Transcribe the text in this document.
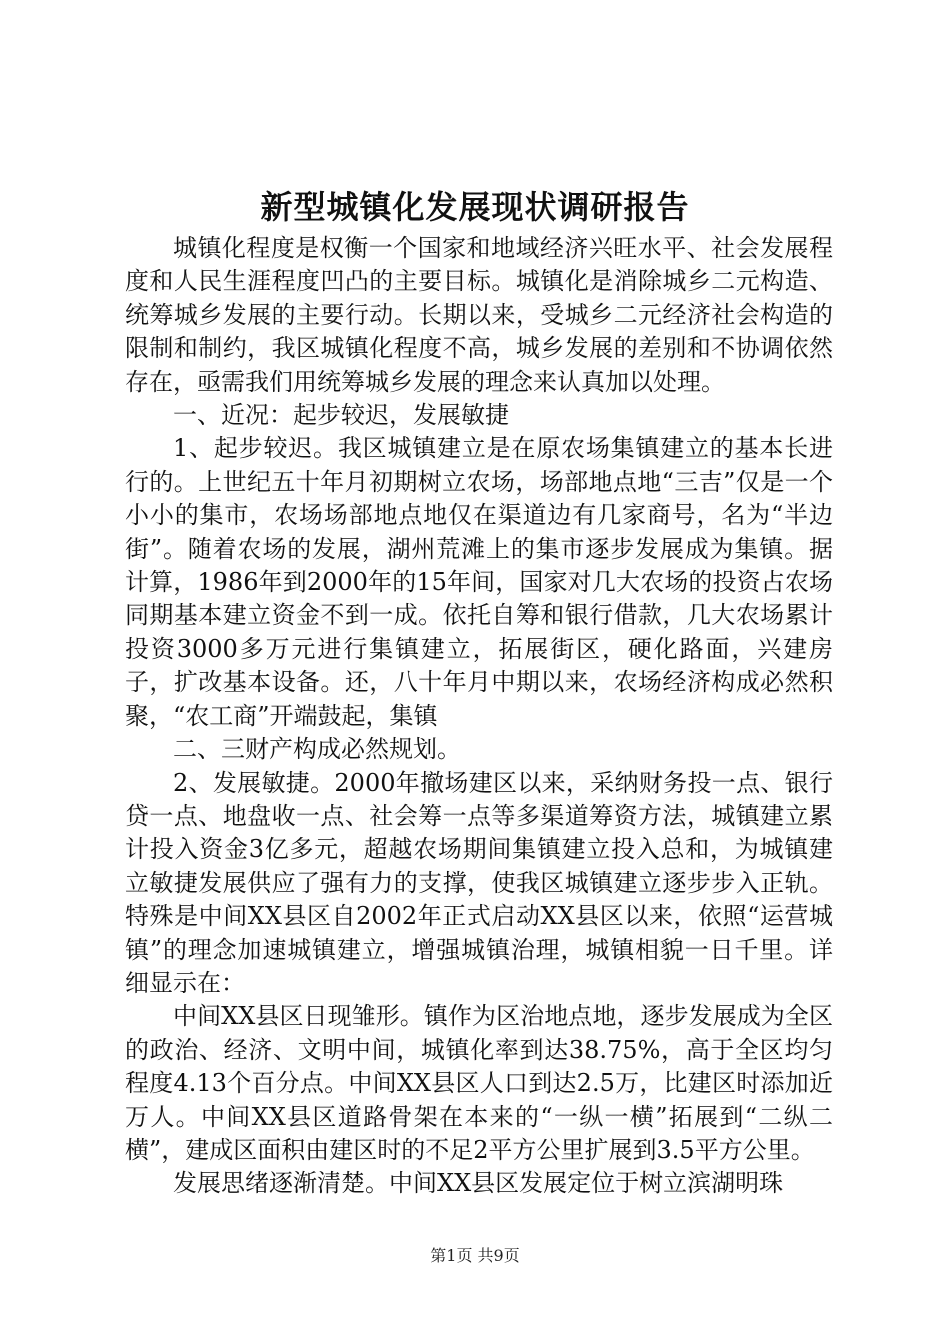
新型城镇化发展现状调研报告

城镇化程度是权衡一个国家和地域经济兴旺水平、社会发展程度和人民生涯程度凹凸的主要目标。城镇化是消除城乡二元构造、统筹城乡发展的主要行动。长期以来，受城乡二元经济社会构造的限制和制约，我区城镇化程度不高，城乡发展的差别和不协调依然存在，亟需我们用统筹城乡发展的理念来认真加以处理。

一、近况：起步较迟，发展敏捷

1、起步较迟。我区城镇建立是在原农场集镇建立的基本长进行的。上世纪五十年月初期树立农场，场部地点地“三吉”仅是一个小小的集市，农场场部地点地仅在渠道边有几家商号，名为“半边街”。随着农场的发展，湖州荒滩上的集市逐步发展成为集镇。据计算，1986年到2000年的15年间，国家对几大农场的投资占农场同期基本建立资金不到一成。依托自筹和银行借款，几大农场累计投资3000多万元进行集镇建立，拓展街区，硬化路面，兴建房子，扩改基本设备。还，八十年月中期以来，农场经济构成必然积聚，“农工商”开端鼓起，集镇

二、三财产构成必然规划。

2、发展敏捷。2000年撤场建区以来，采纳财务投一点、银行贷一点、地盘收一点、社会筹一点等多渠道筹资方法，城镇建立累计投入资金3亿多元，超越农场期间集镇建立投入总和，为城镇建立敏捷发展供应了强有力的支撑，使我区城镇建立逐步步入正轨。特殊是中间XX县区自2002年正式启动XX县区以来，依照“运营城镇”的理念加速城镇建立，增强城镇治理，城镇相貌一日千里。详细显示在：

中间XX县区日现雏形。镇作为区治地点地，逐步发展成为全区的政治、经济、文明中间，城镇化率到达38.75%，高于全区均匀程度4.13个百分点。中间XX县区人口到达2.5万，比建区时添加近万人。中间XX县区道路骨架在本来的“一纵一横”拓展到“二纵二横”，建成区面积由建区时的不足2平方公里扩展到3.5平方公里。

发展思绪逐渐清楚。中间XX县区发展定位于树立滨湖明珠

第1页 共9页
